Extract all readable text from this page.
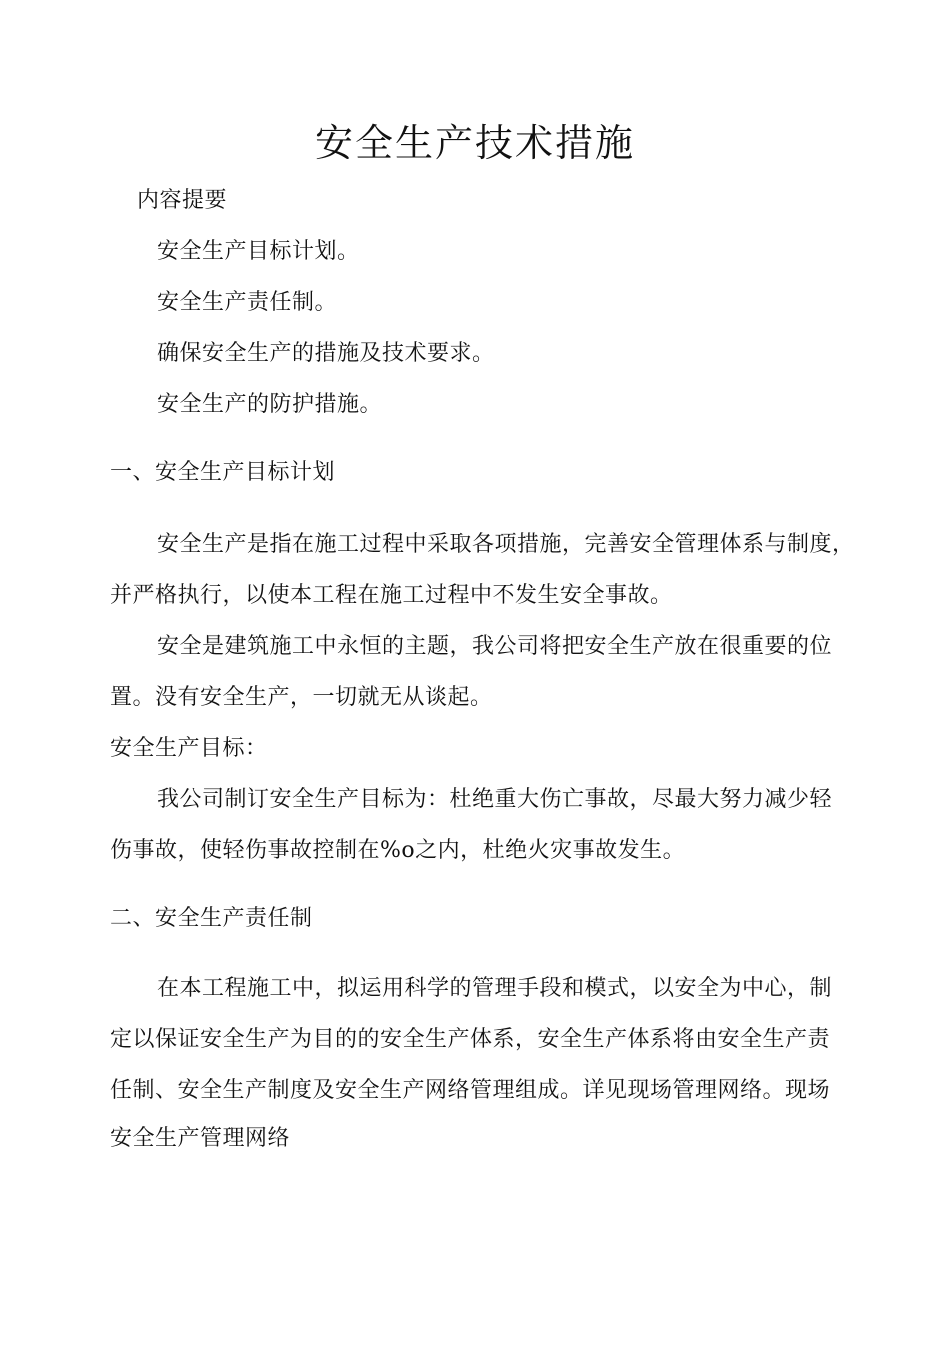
安全生产技术措施

内容提要

安全生产目标计划。

安全生产责任制。

确保安全生产的措施及技术要求。

安全生产的防护措施。

一、安全生产目标计划

安全生产是指在施工过程中采取各项措施，完善安全管理体系与制度，

并严格执行，以使本工程在施工过程中不发生安全事故。

安全是建筑施工中永恒的主题，我公司将把安全生产放在很重要的位

置。没有安全生产，一切就无从谈起。

安全生产目标：

我公司制订安全生产目标为：杜绝重大伤亡事故，尽最大努力减少轻

伤事故，使轻伤事故控制在%o之内，杜绝火灾事故发生。

二、安全生产责任制

在本工程施工中，拟运用科学的管理手段和模式，以安全为中心，制

定以保证安全生产为目的的安全生产体系，安全生产体系将由安全生产责

任制、安全生产制度及安全生产网络管理组成。详见现场管理网络。现场

安全生产管理网络
